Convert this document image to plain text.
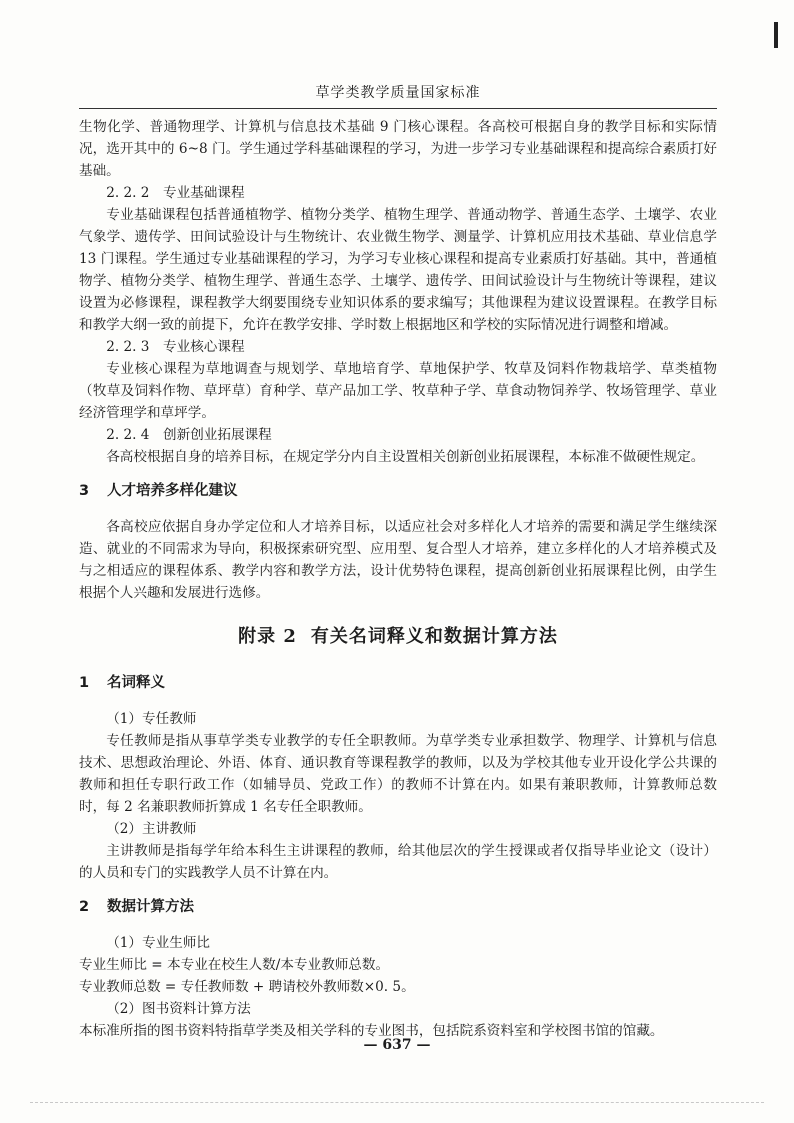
草学类教学质量国家标准

生物化学、普通物理学、计算机与信息技术基础 9 门核心课程。各高校可根据自身的教学目标和实际情况，选开其中的 6~8 门。学生通过学科基础课程的学习，为进一步学习专业基础课程和提高综合素质打好基础。

2. 2. 2　专业基础课程

专业基础课程包括普通植物学、植物分类学、植物生理学、普通动物学、普通生态学、土壤学、农业气象学、遗传学、田间试验设计与生物统计、农业微生物学、测量学、计算机应用技术基础、草业信息学 13 门课程。学生通过专业基础课程的学习，为学习专业核心课程和提高专业素质打好基础。其中，普通植物学、植物分类学、植物生理学、普通生态学、土壤学、遗传学、田间试验设计与生物统计等课程，建议设置为必修课程，课程教学大纲要围绕专业知识体系的要求编写；其他课程为建议设置课程。在教学目标和教学大纲一致的前提下，允许在教学安排、学时数上根据地区和学校的实际情况进行调整和增减。

2. 2. 3　专业核心课程

专业核心课程为草地调查与规划学、草地培育学、草地保护学、牧草及饲料作物栽培学、草类植物（牧草及饲料作物、草坪草）育种学、草产品加工学、牧草种子学、草食动物饲养学、牧场管理学、草业经济管理学和草坪学。

2. 2. 4　创新创业拓展课程

各高校根据自身的培养目标，在规定学分内自主设置相关创新创业拓展课程，本标准不做硬性规定。

3 人才培养多样化建议

各高校应依据自身办学定位和人才培养目标，以适应社会对多样化人才培养的需要和满足学生继续深造、就业的不同需求为导向，积极探索研究型、应用型、复合型人才培养，建立多样化的人才培养模式及与之相适应的课程体系、教学内容和教学方法，设计优势特色课程，提高创新创业拓展课程比例，由学生根据个人兴趣和发展进行选修。

附录 2 有关名词释义和数据计算方法

1 名词释义

（1）专任教师

专任教师是指从事草学类专业教学的专任全职教师。为草学类专业承担数学、物理学、计算机与信息技术、思想政治理论、外语、体育、通识教育等课程教学的教师，以及为学校其他专业开设化学公共课的教师和担任专职行政工作（如辅导员、党政工作）的教师不计算在内。如果有兼职教师，计算教师总数时，每 2 名兼职教师折算成 1 名专任全职教师。

（2）主讲教师

主讲教师是指每学年给本科生主讲课程的教师，给其他层次的学生授课或者仅指导毕业论文（设计）的人员和专门的实践教学人员不计算在内。

2 数据计算方法

（1）专业生师比

专业生师比 = 本专业在校生人数/本专业教师总数。

专业教师总数 = 专任教师数 + 聘请校外教师数×0. 5。

（2）图书资料计算方法

本标准所指的图书资料特指草学类及相关学科的专业图书，包括院系资料室和学校图书馆的馆藏。

— 637 —
